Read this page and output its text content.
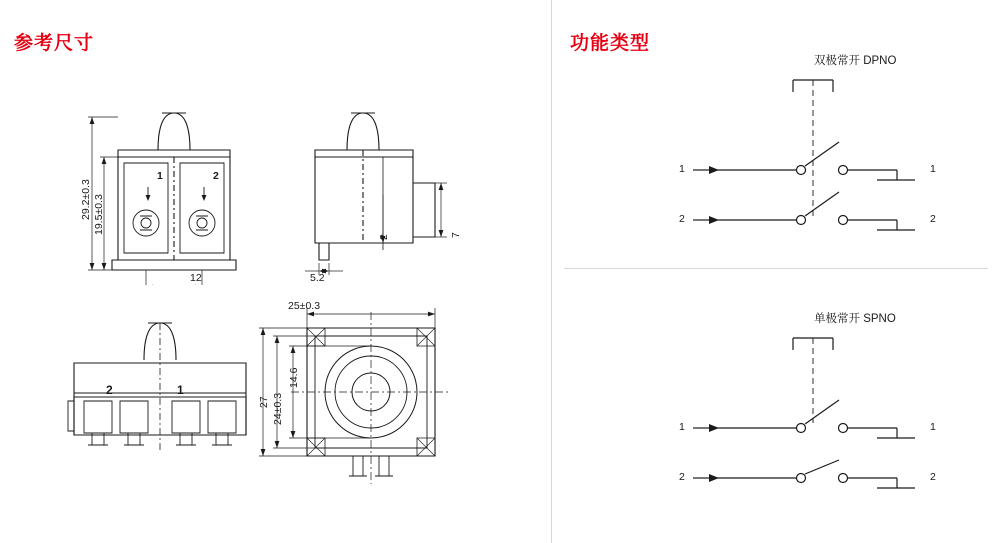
参考尺寸
29.2±0.3 19.5±0.3
12
1	2
5.2
2	7
2	1
25±0.3
27 24±0.3
14.6
功能类型
双极常开 DPNO
1
2
1
2
单极常开 SPNO
1
2
1
2
